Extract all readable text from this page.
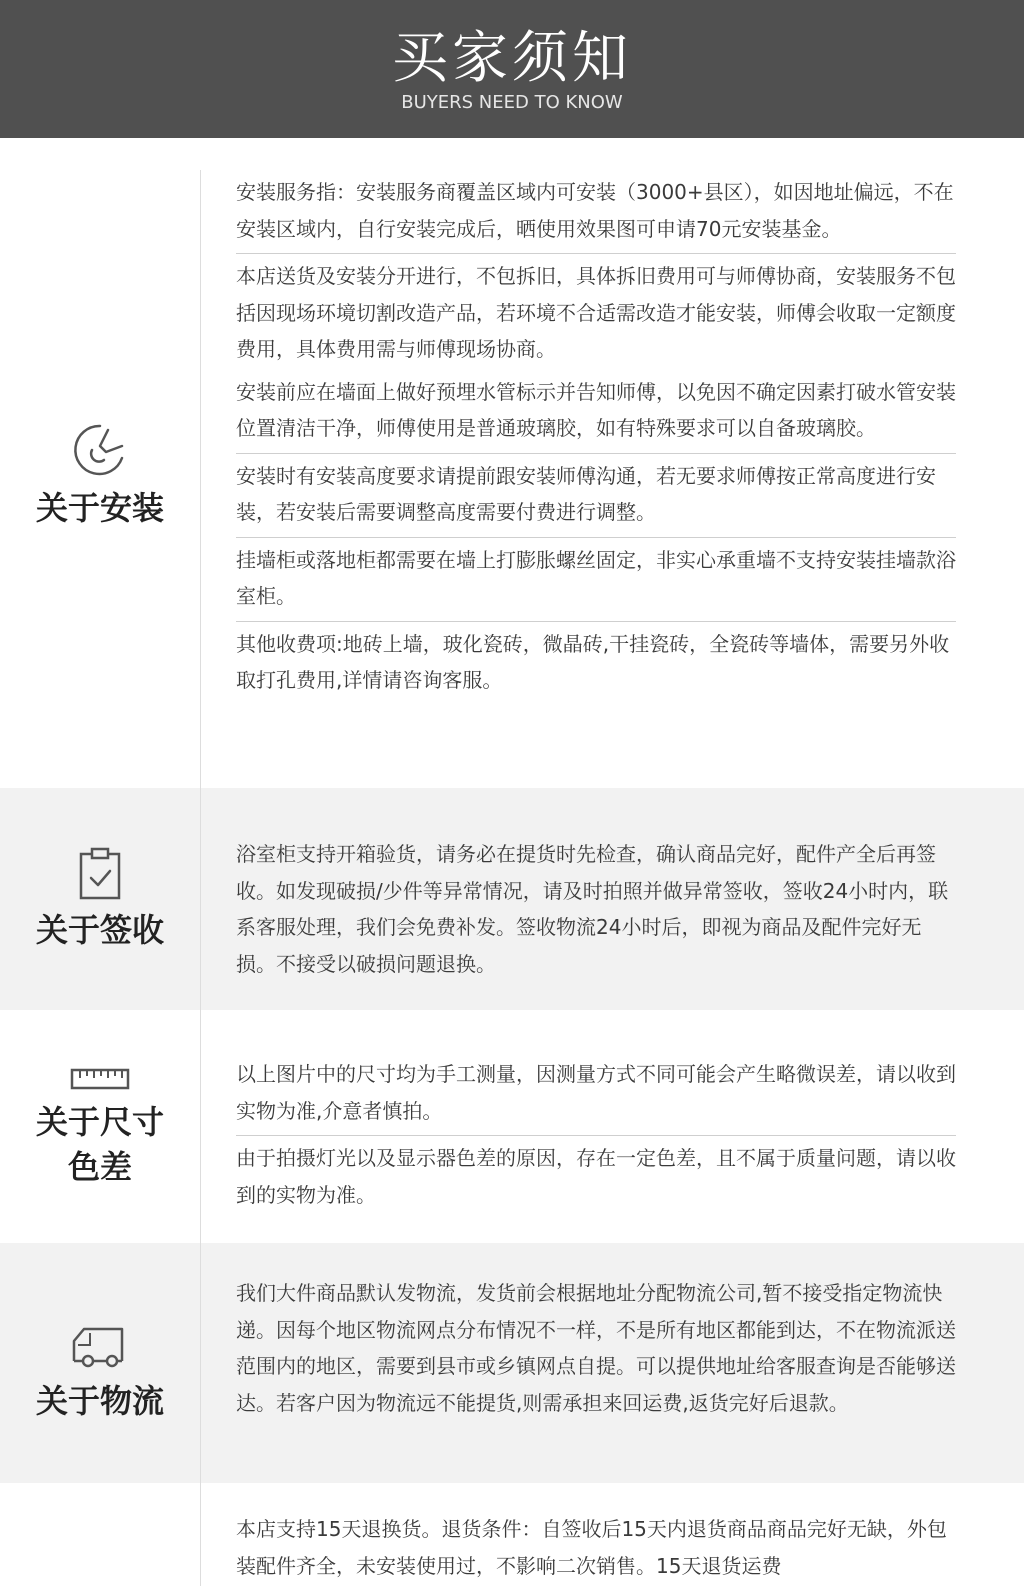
买家须知
BUYERS NEED TO KNOW
关于安装

安装服务指：安装服务商覆盖区域内可安装（3000+县区），如因地址偏远，不在安装区域内，自行安装完成后，晒使用效果图可申请70元安装基金。

本店送货及安装分开进行，不包拆旧，具体拆旧费用可与师傅协商，安装服务不包括因现场环境切割改造产品，若环境不合适需改造才能安装，师傅会收取一定额度费用，具体费用需与师傅现场协商。

安装前应在墙面上做好预埋水管标示并告知师傅，以免因不确定因素打破水管安装位置清洁干净，师傅使用是普通玻璃胶，如有特殊要求可以自备玻璃胶。

安装时有安装高度要求请提前跟安装师傅沟通，若无要求师傅按正常高度进行安装，若安装后需要调整高度需要付费进行调整。

挂墙柜或落地柜都需要在墙上打膨胀螺丝固定，非实心承重墙不支持安装挂墙款浴室柜。

其他收费项:地砖上墙，玻化瓷砖，微晶砖,干挂瓷砖，全瓷砖等墙体，需要另外收取打孔费用,详情请咨询客服。

关于签收

浴室柜支持开箱验货，请务必在提货时先检查，确认商品完好，配件产全后再签收。如发现破损/少件等异常情况，请及时拍照并做异常签收，签收24小时内，联系客服处理，我们会免费补发。签收物流24小时后，即视为商品及配件完好无损。不接受以破损问题退换。

关于尺寸
色差

以上图片中的尺寸均为手工测量，因测量方式不同可能会产生略微误差，请以收到实物为准,介意者慎拍。

由于拍摄灯光以及显示器色差的原因，存在一定色差，且不属于质量问题，请以收到的实物为准。

关于物流

我们大件商品默认发物流，发货前会根据地址分配物流公司,暂不接受指定物流快递。因每个地区物流网点分布情况不一样，不是所有地区都能到达，不在物流派送范围内的地区，需要到县市或乡镇网点自提。可以提供地址给客服查询是否能够送达。若客户因为物流远不能提货,则需承担来回运费,返货完好后退款。

本店支持15天退换货。退货条件：自签收后15天内退货商品商品完好无缺，外包装配件齐全，未安装使用过，不影响二次销售。15天退货运费
